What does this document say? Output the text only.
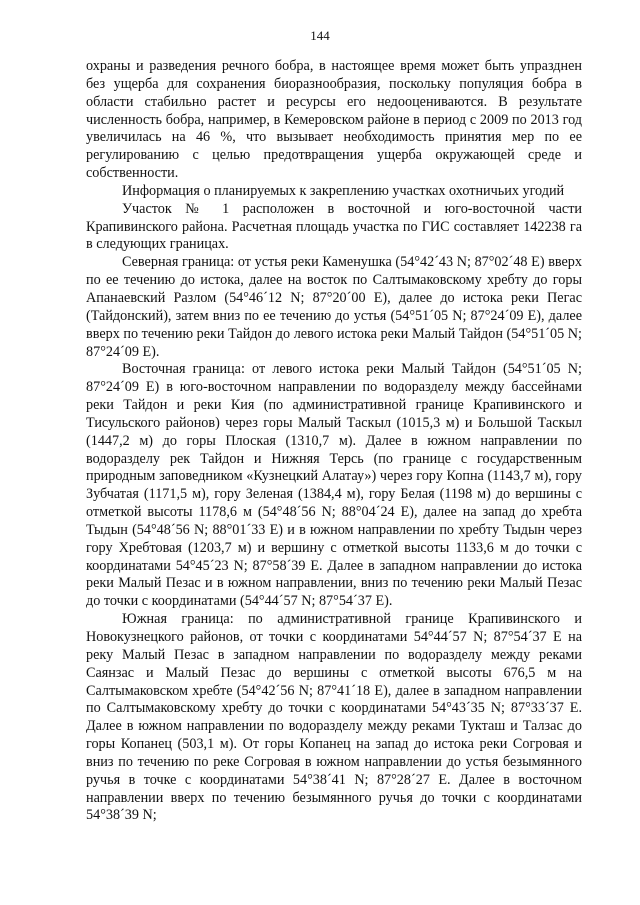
144

охраны и разведения речного бобра, в настоящее время может быть упразднен без ущерба для сохранения биоразнообразия, поскольку популяция бобра в области стабильно растет и ресурсы его недооцениваются. В результате численность бобра, например, в Кемеровском районе в период с 2009 по 2013 год увеличилась на 46 %, что вызывает необходимость принятия мер по ее регулированию с целью предотвращения ущерба окружающей среде и собственности.

Информация о планируемых к закреплению участках охотничьих угодий

Участок № 1 расположен в восточной и юго-восточной части Крапивинского района. Расчетная площадь участка по ГИС составляет 142238 га в следующих границах.

Северная граница: от устья реки Каменушка (54°42´43 N; 87°02´48 E) вверх по ее течению до истока, далее на восток по Салтымаковскому хребту до горы Апанаевский Разлом (54°46´12 N; 87°20´00 E), далее до истока реки Пегас (Тайдонский), затем вниз по ее течению до устья (54°51´05 N; 87°24´09 E), далее вверх по течению реки Тайдон до левого истока реки Малый Тайдон (54°51´05 N; 87°24´09 E).

Восточная граница: от левого истока реки Малый Тайдон (54°51´05 N; 87°24´09 E) в юго-восточном направлении по водоразделу между бассейнами реки Тайдон и реки Кия (по административной границе Крапивинского и Тисульского районов) через горы Малый Таскыл (1015,3 м) и Большой Таскыл (1447,2 м) до горы Плоская (1310,7 м). Далее в южном направлении по водоразделу рек Тайдон и Нижняя Терсь (по границе с государственным природным заповедником «Кузнецкий Алатау») через гору Копна (1143,7 м), гору Зубчатая (1171,5 м), гору Зеленая (1384,4 м), гору Белая (1198 м) до вершины с отметкой высоты 1178,6 м (54°48´56 N; 88°04´24 E), далее на запад до хребта Тыдын (54°48´56 N; 88°01´33 E) и в южном направлении по хребту Тыдын через гору Хребтовая (1203,7 м) и вершину с отметкой высоты 1133,6 м до точки с координатами 54°45´23 N; 87°58´39 E. Далее в западном направлении до истока реки Малый Пезас и в южном направлении, вниз по течению реки Малый Пезас до точки с координатами (54°44´57 N; 87°54´37 E).

Южная граница: по административной границе Крапивинского и Новокузнецкого районов, от точки с координатами 54°44´57 N; 87°54´37 E на реку Малый Пезас в западном направлении по водоразделу между реками Саянзас и Малый Пезас до вершины с отметкой высоты 676,5 м на Салтымаковском хребте (54°42´56 N; 87°41´18 E), далее в западном направлении по Салтымаковскому хребту до точки с координатами 54°43´35 N; 87°33´37 E. Далее в южном направлении по водоразделу между реками Тукташ и Талзас до горы Копанец (503,1 м). От горы Копанец на запад до истока реки Согровая и вниз по течению по реке Согровая в южном направлении до устья безымянного ручья в точке с координатами 54°38´41 N; 87°28´27 E. Далее в восточном направлении вверх по течению безымянного ручья до точки с координатами 54°38´39 N;
